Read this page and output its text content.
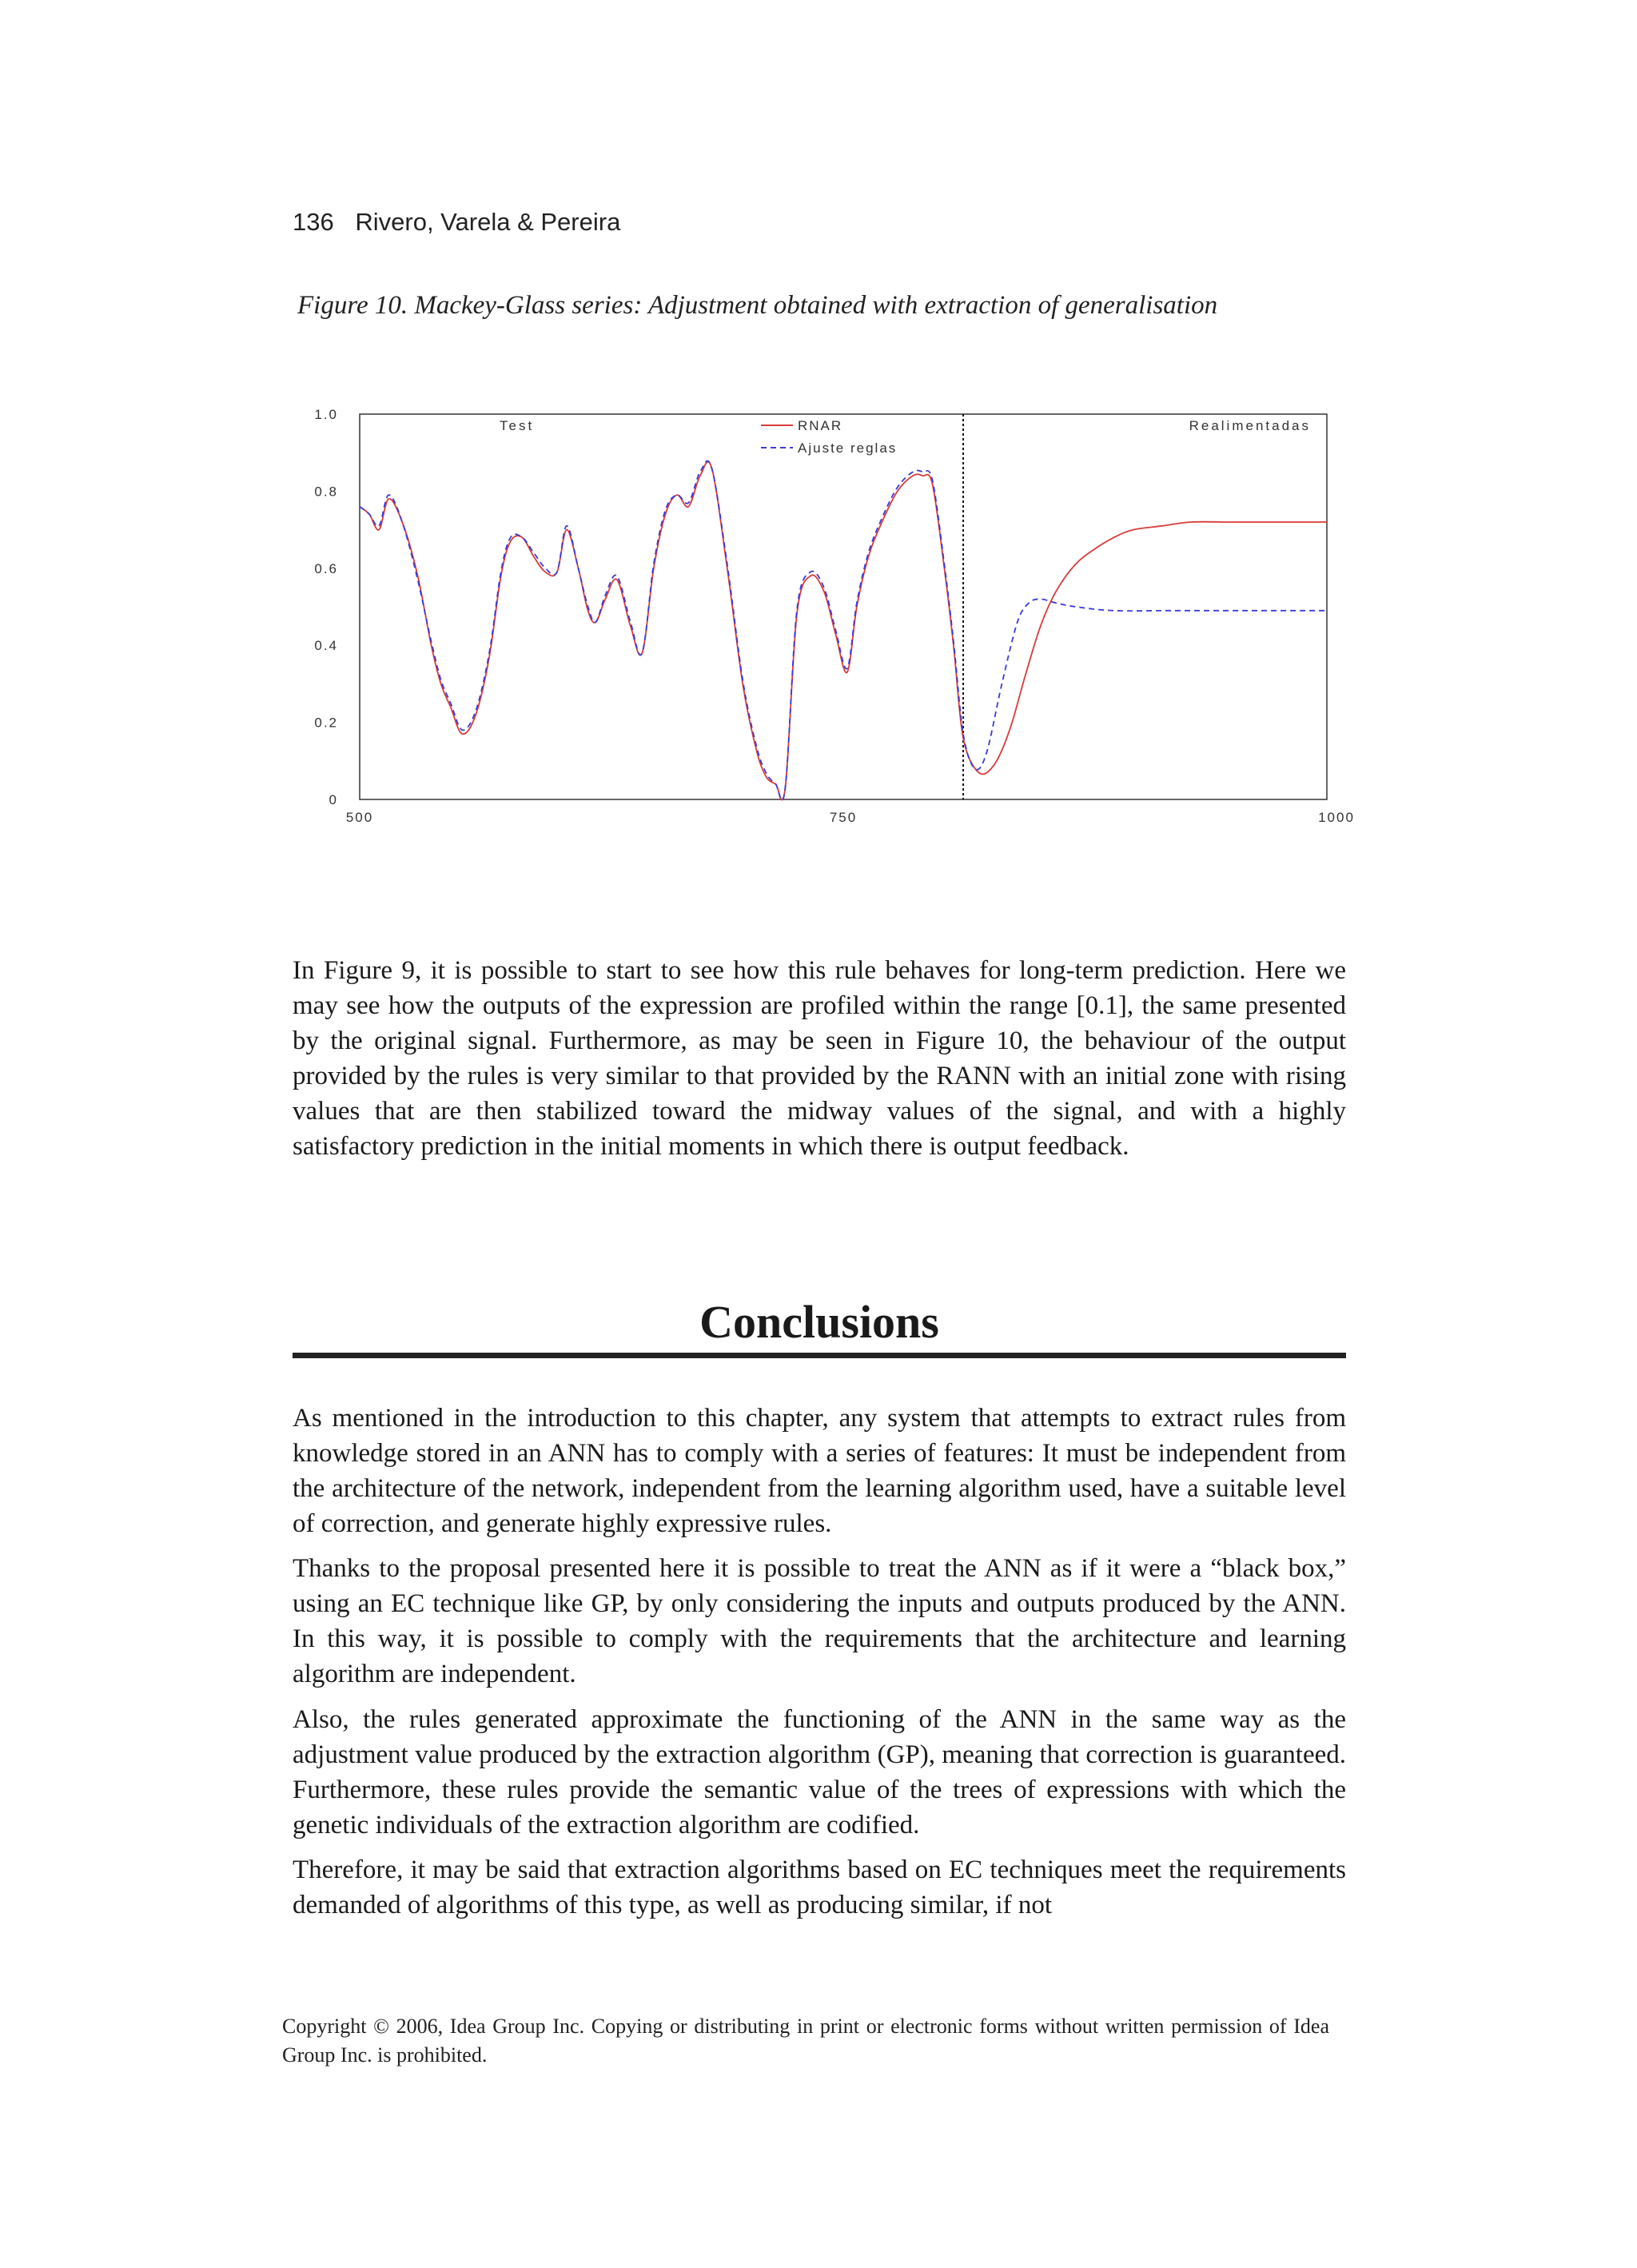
136 Rivero, Varela & Pereira
Figure 10. Mackey-Glass series: Adjustment obtained with extraction of generalisation
0
0.2
0.4
0.6
0.8
1.0
500	750	1000
Test	Realimentadas
RNAR
Ajuste reglas

In Figure 9, it is possible to start to see how this rule behaves for long-term prediction. Here we may see how the outputs of the expression are profiled within the range [0.1], the same presented by the original signal. Furthermore, as may be seen in Figure 10, the behaviour of the output provided by the rules is very similar to that provided by the RANN with an initial zone with rising values that are then stabilized toward the midway values of the signal, and with a highly satisfactory prediction in the initial moments in which there is output feedback.

Conclusions

As mentioned in the introduction to this chapter, any system that attempts to extract rules from knowledge stored in an ANN has to comply with a series of features: It must be independent from the architecture of the network, independent from the learning algorithm used, have a suitable level of correction, and generate highly expressive rules.

Thanks to the proposal presented here it is possible to treat the ANN as if it were a “black box,” using an EC technique like GP, by only considering the inputs and outputs produced by the ANN. In this way, it is possible to comply with the requirements that the architecture and learning algorithm are independent.

Also, the rules generated approximate the functioning of the ANN in the same way as the adjustment value produced by the extraction algorithm (GP), meaning that correction is guaranteed. Furthermore, these rules provide the semantic value of the trees of expressions with which the genetic individuals of the extraction algorithm are codified.

Therefore, it may be said that extraction algorithms based on EC techniques meet the requirements demanded of algorithms of this type, as well as producing similar, if not

Copyright © 2006, Idea Group Inc. Copying or distributing in print or electronic forms without written permission of Idea Group Inc. is prohibited.
